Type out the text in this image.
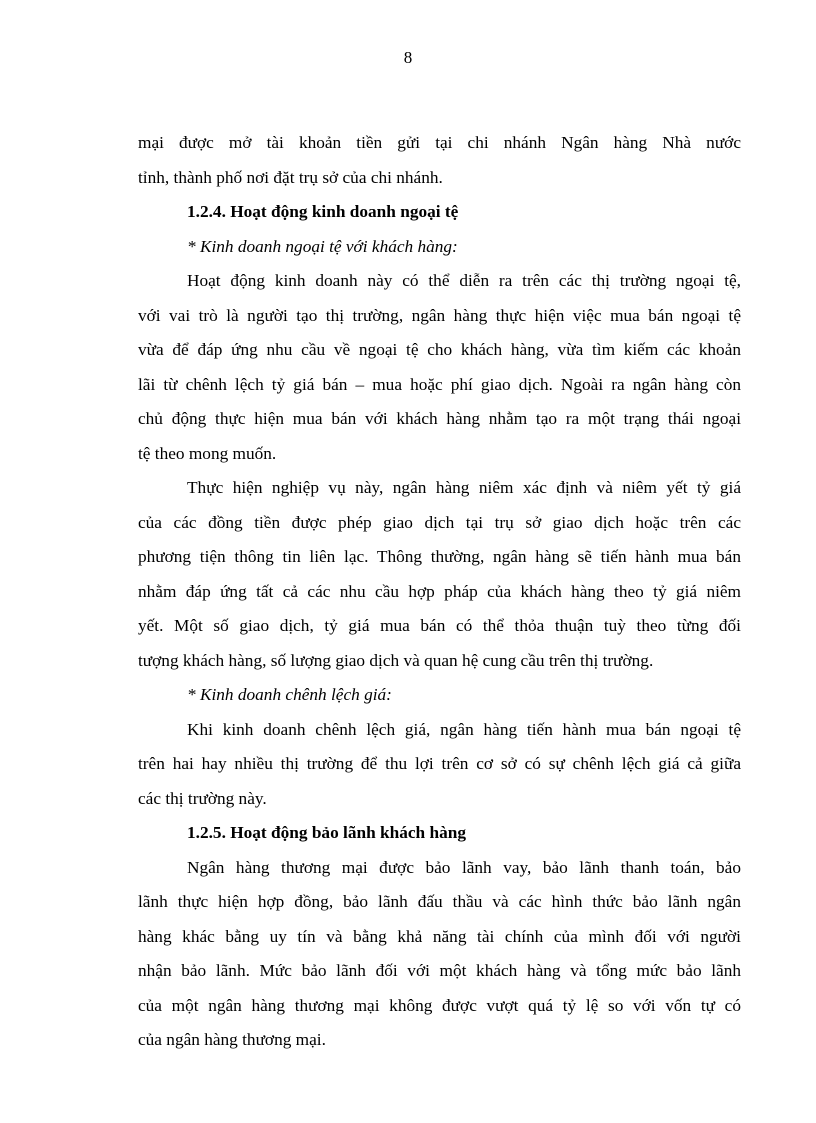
8
mại được mở tài khoản tiền gửi tại chi nhánh Ngân hàng Nhà nước
tỉnh, thành phố nơi đặt trụ sở của chi nhánh.
1.2.4. Hoạt động kinh doanh ngoại tệ
* Kinh doanh ngoại tệ với khách hàng:
Hoạt động kinh doanh này có thể diễn ra trên các thị trường ngoại tệ,
với vai trò là người tạo thị trường, ngân hàng thực hiện việc mua bán ngoại tệ
vừa để đáp ứng nhu cầu về ngoại tệ cho khách hàng, vừa tìm kiếm các khoản
lãi từ chênh lệch tỷ giá bán – mua hoặc phí giao dịch. Ngoài ra ngân hàng còn
chủ động thực hiện mua bán với khách hàng nhằm tạo ra một trạng thái ngoại
tệ theo mong muốn.
Thực hiện nghiệp vụ này, ngân hàng niêm xác định và niêm yết tỷ giá
của các đồng tiền được phép giao dịch tại trụ sở giao dịch hoặc trên các
phương tiện thông tin liên lạc. Thông thường, ngân hàng sẽ tiến hành mua bán
nhằm đáp ứng tất cả các nhu cầu hợp pháp của khách hàng theo tỷ giá niêm
yết. Một số giao dịch, tỷ giá mua bán có thể thỏa thuận tuỳ theo từng đối
tượng khách hàng, số lượng giao dịch và quan hệ cung cầu trên thị trường.
* Kinh doanh chênh lệch giá:
Khi kinh doanh chênh lệch giá, ngân hàng tiến hành mua bán ngoại tệ
trên hai hay nhiều thị trường để thu lợi trên cơ sở có sự chênh lệch giá cả giữa
các thị trường này.
1.2.5. Hoạt động bảo lãnh khách hàng
Ngân hàng thương mại được bảo lãnh vay, bảo lãnh thanh toán, bảo
lãnh thực hiện hợp đồng, bảo lãnh đấu thầu và các hình thức bảo lãnh ngân
hàng khác bằng uy tín và bằng khả năng tài chính của mình đối với người
nhận bảo lãnh. Mức bảo lãnh đối với một khách hàng và tổng mức bảo lãnh
của một ngân hàng thương mại không được vượt quá tỷ lệ so với vốn tự có
của ngân hàng thương mại.
